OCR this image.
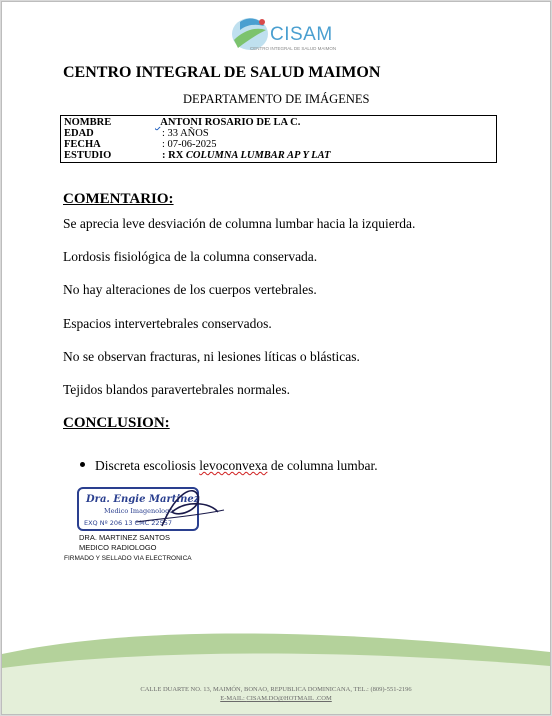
CISAM
CENTRO INTEGRAL DE SALUD MAIMON
CENTRO INTEGRAL DE SALUD MAIMON
DEPARTAMENTO DE IMÁGENES
NOMBRE	ANTONI ROSARIO DE LA C.
EDAD	: 33 AÑOS
FECHA	: 07-06-2025
ESTUDIO	: RX COLUMNA LUMBAR AP Y LAT
COMENTARIO:
Se aprecia leve desviación de columna lumbar hacia la izquierda.
Lordosis fisiológica de la columna conservada.
No hay alteraciones de los cuerpos vertebrales.
Espacios intervertebrales conservados.
No se observan fracturas, ni lesiones líticas o blásticas.
Tejidos blandos paravertebrales normales.
CONCLUSION:
Discreta escoliosis levoconvexa de columna lumbar.
Dra. Engie Martinez
Medico Imagenologo
EXQ Nº 206 13 CMC 22557
DRA. MARTINEZ SANTOS
MEDICO RADIOLOGO
FIRMADO Y SELLADO VIA ELECTRONICA
CALLE DUARTE NO. 13, MAIMÓN, BONAO, REPUBLICA DOMINICANA, TEL.: (809)-551-2196
E-MAIL: CISAM.DO@HOTMAIL .COM
